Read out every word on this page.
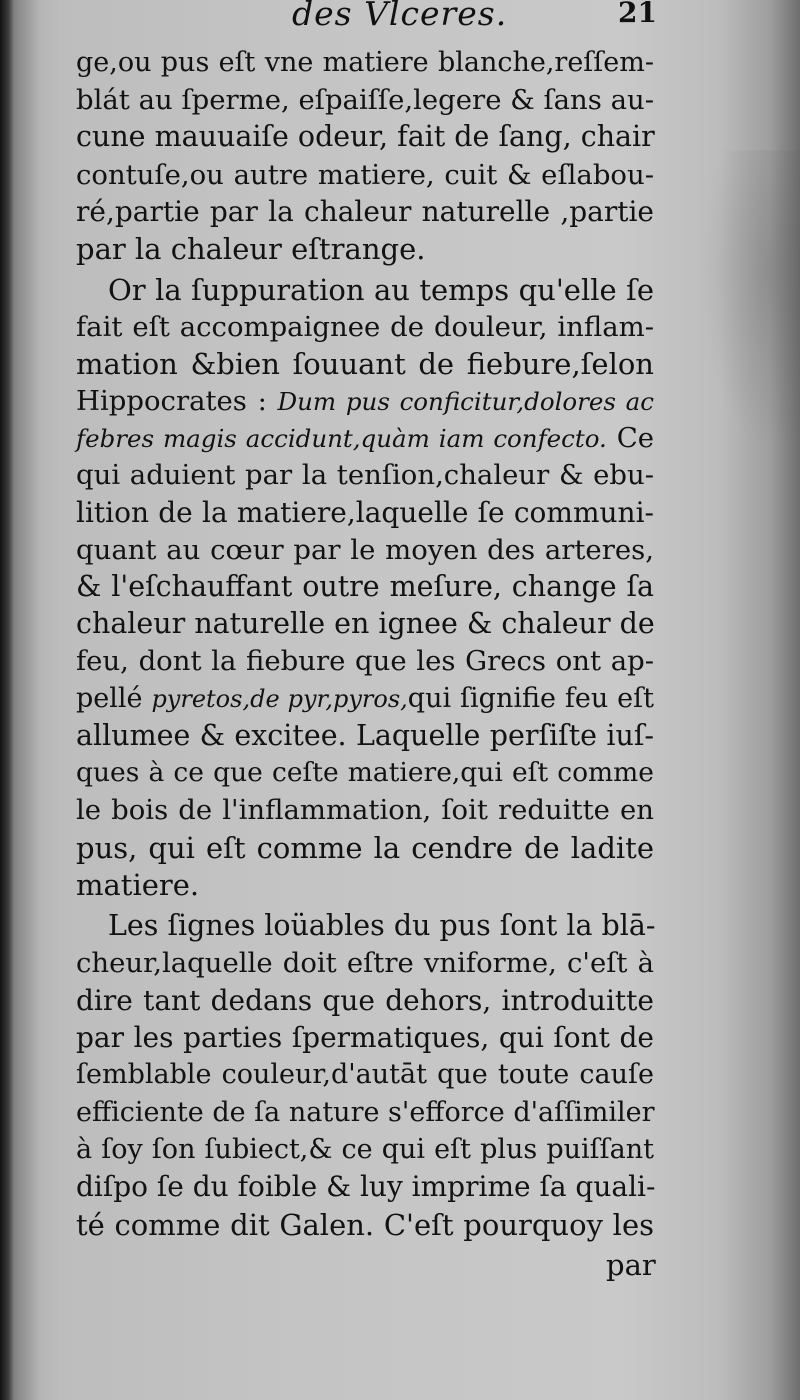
des Vlceres.	21
ge,ou pus eſt vne matiere blanche,reſſem-
blát au ſperme, eſpaiſſe,legere & ſans au-
cune mauuaiſe odeur, fait de ſang, chair
contuſe,ou autre matiere, cuit & eſlabou-
ré,partie par la chaleur naturelle ,partie
par la chaleur eſtrange.
Or la ſuppuration au temps qu'elle ſe
fait eſt accompaignee de douleur, inflam-
mation &bien ſouuant de fiebure,ſelon
Hippocrates : Dum pus conficitur,dolores ac
febres magis accidunt,quàm iam confecto. Ce
qui aduient par la tenſion,chaleur & ebu-
lition de la matiere,laquelle ſe communi-
quant au cœur par le moyen des arteres,
& l'eſchauffant outre meſure, change ſa
chaleur naturelle en ignee & chaleur de
feu, dont la fiebure que les Grecs ont ap-
pellé pyretos,de pyr,pyros,qui ſignifie feu eſt
allumee & excitee. Laquelle perſiſte iuſ-
ques à ce que ceſte matiere,qui eſt comme
le bois de l'inflammation, ſoit reduitte en
pus, qui eſt comme la cendre de ladite
matiere.
Les ſignes loüables du pus ſont la blā-
cheur,laquelle doit eſtre vniforme, c'eſt à
dire tant dedans que dehors, introduitte
par les parties ſpermatiques, qui ſont de
ſemblable couleur,d'autāt que toute cauſe
efficiente de ſa nature s'efforce d'aſſimiler
à ſoy ſon ſubiect,& ce qui eſt plus puiſſant
diſpo ſe du foible & luy imprime ſa quali-
té comme dit Galen. C'eſt pourquoy les
par
